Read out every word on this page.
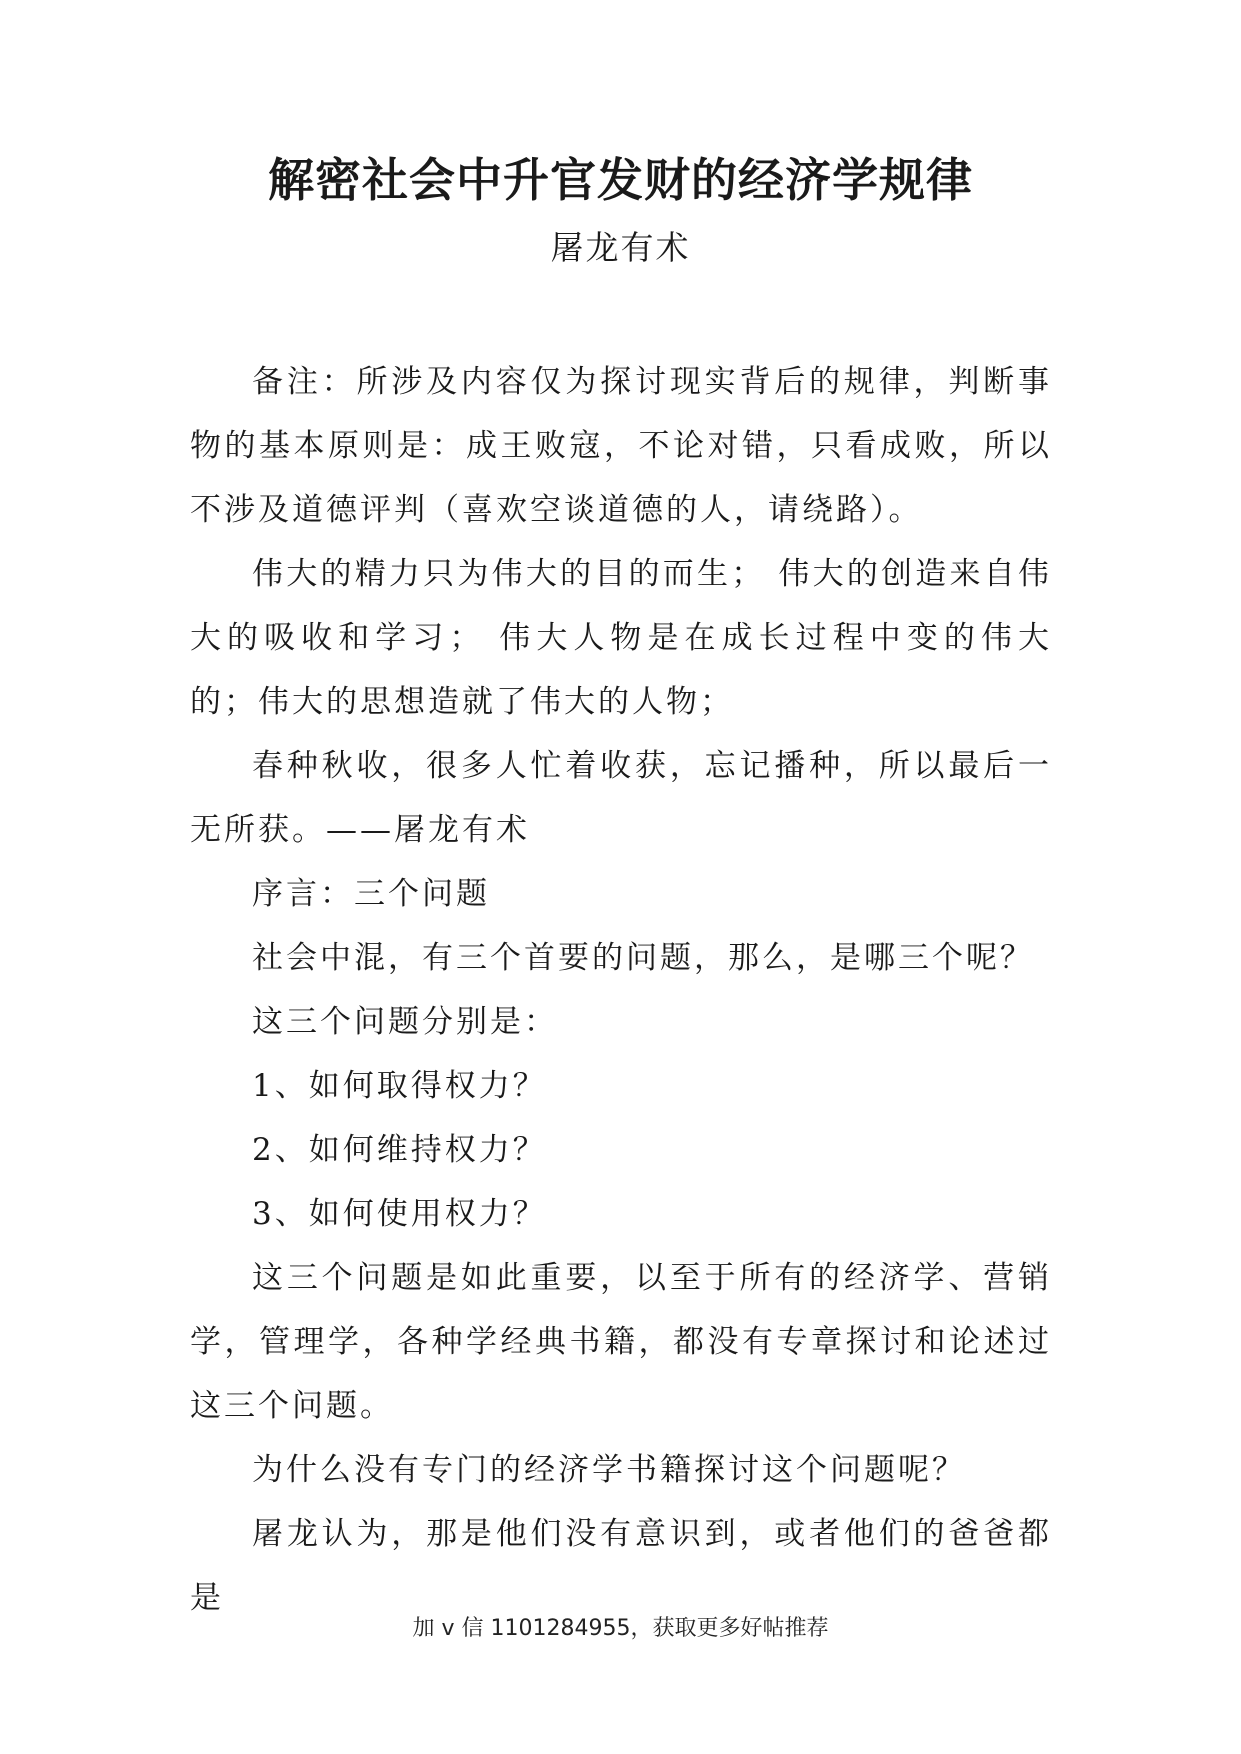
解密社会中升官发财的经济学规律
屠龙有术

备注：所涉及内容仅为探讨现实背后的规律，判断事物的基本原则是：成王败寇，不论对错，只看成败，所以不涉及道德评判（喜欢空谈道德的人，请绕路）。

伟大的精力只为伟大的目的而生； 伟大的创造来自伟大的吸收和学习； 伟大人物是在成长过程中变的伟大的；伟大的思想造就了伟大的人物；

春种秋收，很多人忙着收获，忘记播种，所以最后一无所获。——屠龙有术

序言：三个问题

社会中混，有三个首要的问题，那么，是哪三个呢？

这三个问题分别是：

1、如何取得权力？

2、如何维持权力？

3、如何使用权力？

这三个问题是如此重要，以至于所有的经济学、营销学，管理学，各种学经典书籍，都没有专章探讨和论述过这三个问题。

为什么没有专门的经济学书籍探讨这个问题呢？

屠龙认为，那是他们没有意识到，或者他们的爸爸都是

加 v 信 1101284955，获取更多好帖推荐
